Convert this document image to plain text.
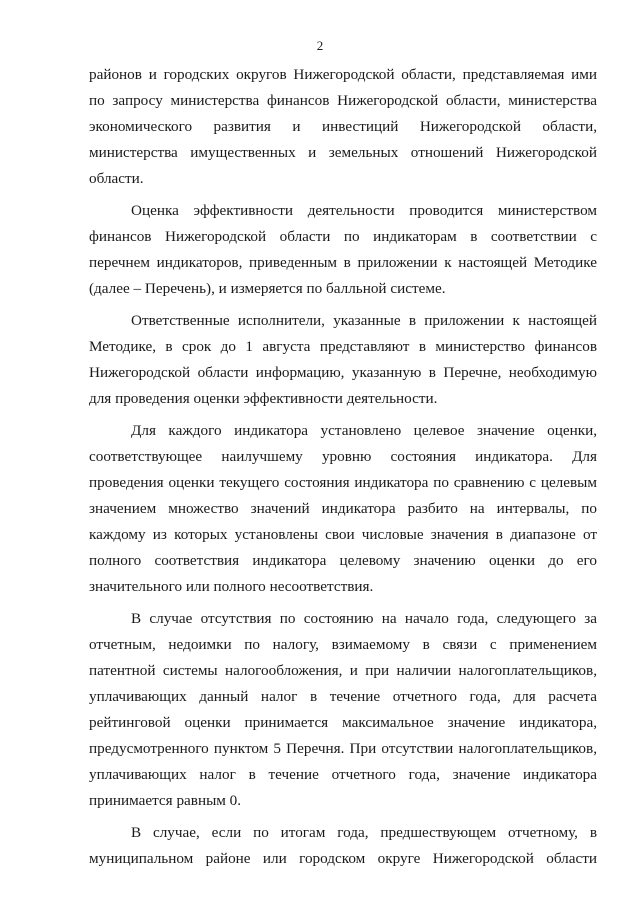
2
районов и городских округов Нижегородской области, представляемая ими
по запросу министерства финансов Нижегородской области, министерства
экономического развития и инвестиций Нижегородской области,
министерства имущественных и земельных отношений Нижегородской
области.
Оценка эффективности деятельности проводится министерством
финансов Нижегородской области по индикаторам в соответствии с
перечнем индикаторов, приведенным в приложении к настоящей Методике
(далее – Перечень), и измеряется по балльной системе.
Ответственные исполнители, указанные в приложении к настоящей
Методике, в срок до 1 августа представляют в министерство финансов
Нижегородской области информацию, указанную в Перечне, необходимую
для проведения оценки эффективности деятельности.
Для каждого индикатора установлено целевое значение оценки,
соответствующее наилучшему уровню состояния индикатора. Для
проведения оценки текущего состояния индикатора по сравнению с целевым
значением множество значений индикатора разбито на интервалы, по
каждому из которых установлены свои числовые значения в диапазоне от
полного соответствия индикатора целевому значению оценки до его
значительного или полного несоответствия.
В случае отсутствия по состоянию на начало года, следующего за
отчетным, недоимки по налогу, взимаемому в связи с применением
патентной системы налогообложения, и при наличии налогоплательщиков,
уплачивающих данный налог в течение отчетного года, для расчета
рейтинговой оценки принимается максимальное значение индикатора,
предусмотренного пунктом 5 Перечня. При отсутствии налогоплательщиков,
уплачивающих налог в течение отчетного года, значение индикатора
принимается равным 0.
В случае, если по итогам года, предшествующем отчетному, в
муниципальном районе или городском округе Нижегородской области
